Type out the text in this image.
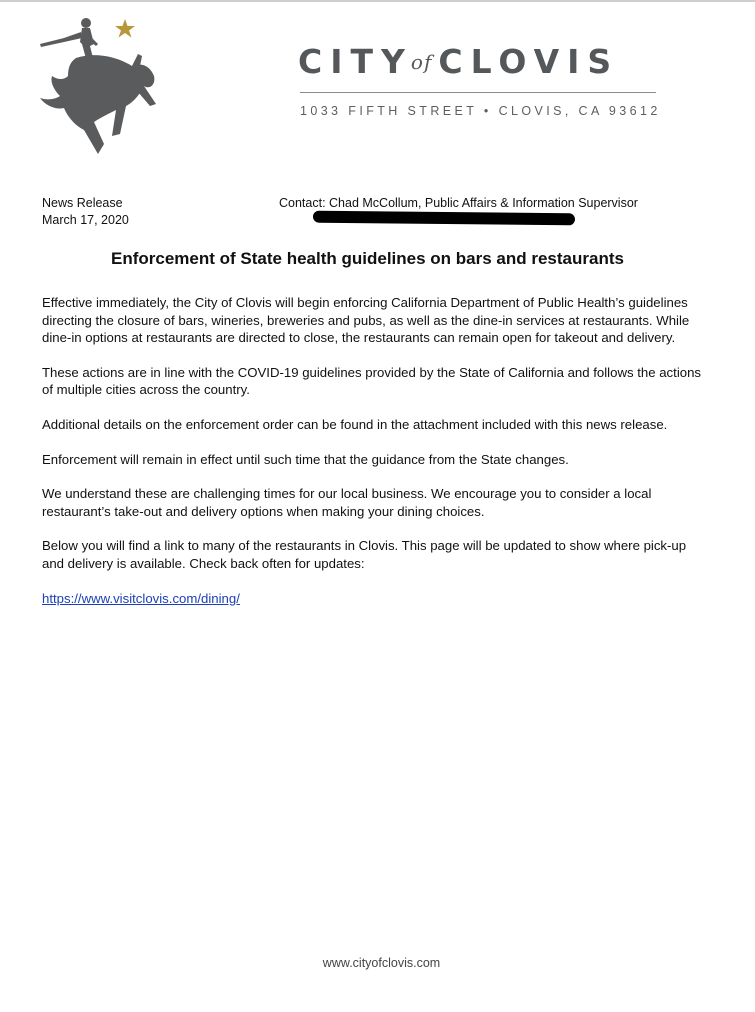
CITYof CLOVIS
1033 FIFTH STREET • CLOVIS, CA 93612
News Release
March 17, 2020
Contact: Chad McCollum, Public Affairs & Information Supervisor
Enforcement of State health guidelines on bars and restaurants

Effective immediately, the City of Clovis will begin enforcing California Department of Public Health’s guidelines directing the closure of bars, wineries, breweries and pubs, as well as the dine-in services at restaurants. While dine-in options at restaurants are directed to close, the restaurants can remain open for takeout and delivery.

These actions are in line with the COVID-19 guidelines provided by the State of California and follows the actions of multiple cities across the country.

Additional details on the enforcement order can be found in the attachment included with this news release.

Enforcement will remain in effect until such time that the guidance from the State changes.

We understand these are challenging times for our local business. We encourage you to consider a local restaurant’s take-out and delivery options when making your dining choices.

Below you will find a link to many of the restaurants in Clovis. This page will be updated to show where pick-up and delivery is available. Check back often for updates:

https://www.visitclovis.com/dining/

www.cityofclovis.com
